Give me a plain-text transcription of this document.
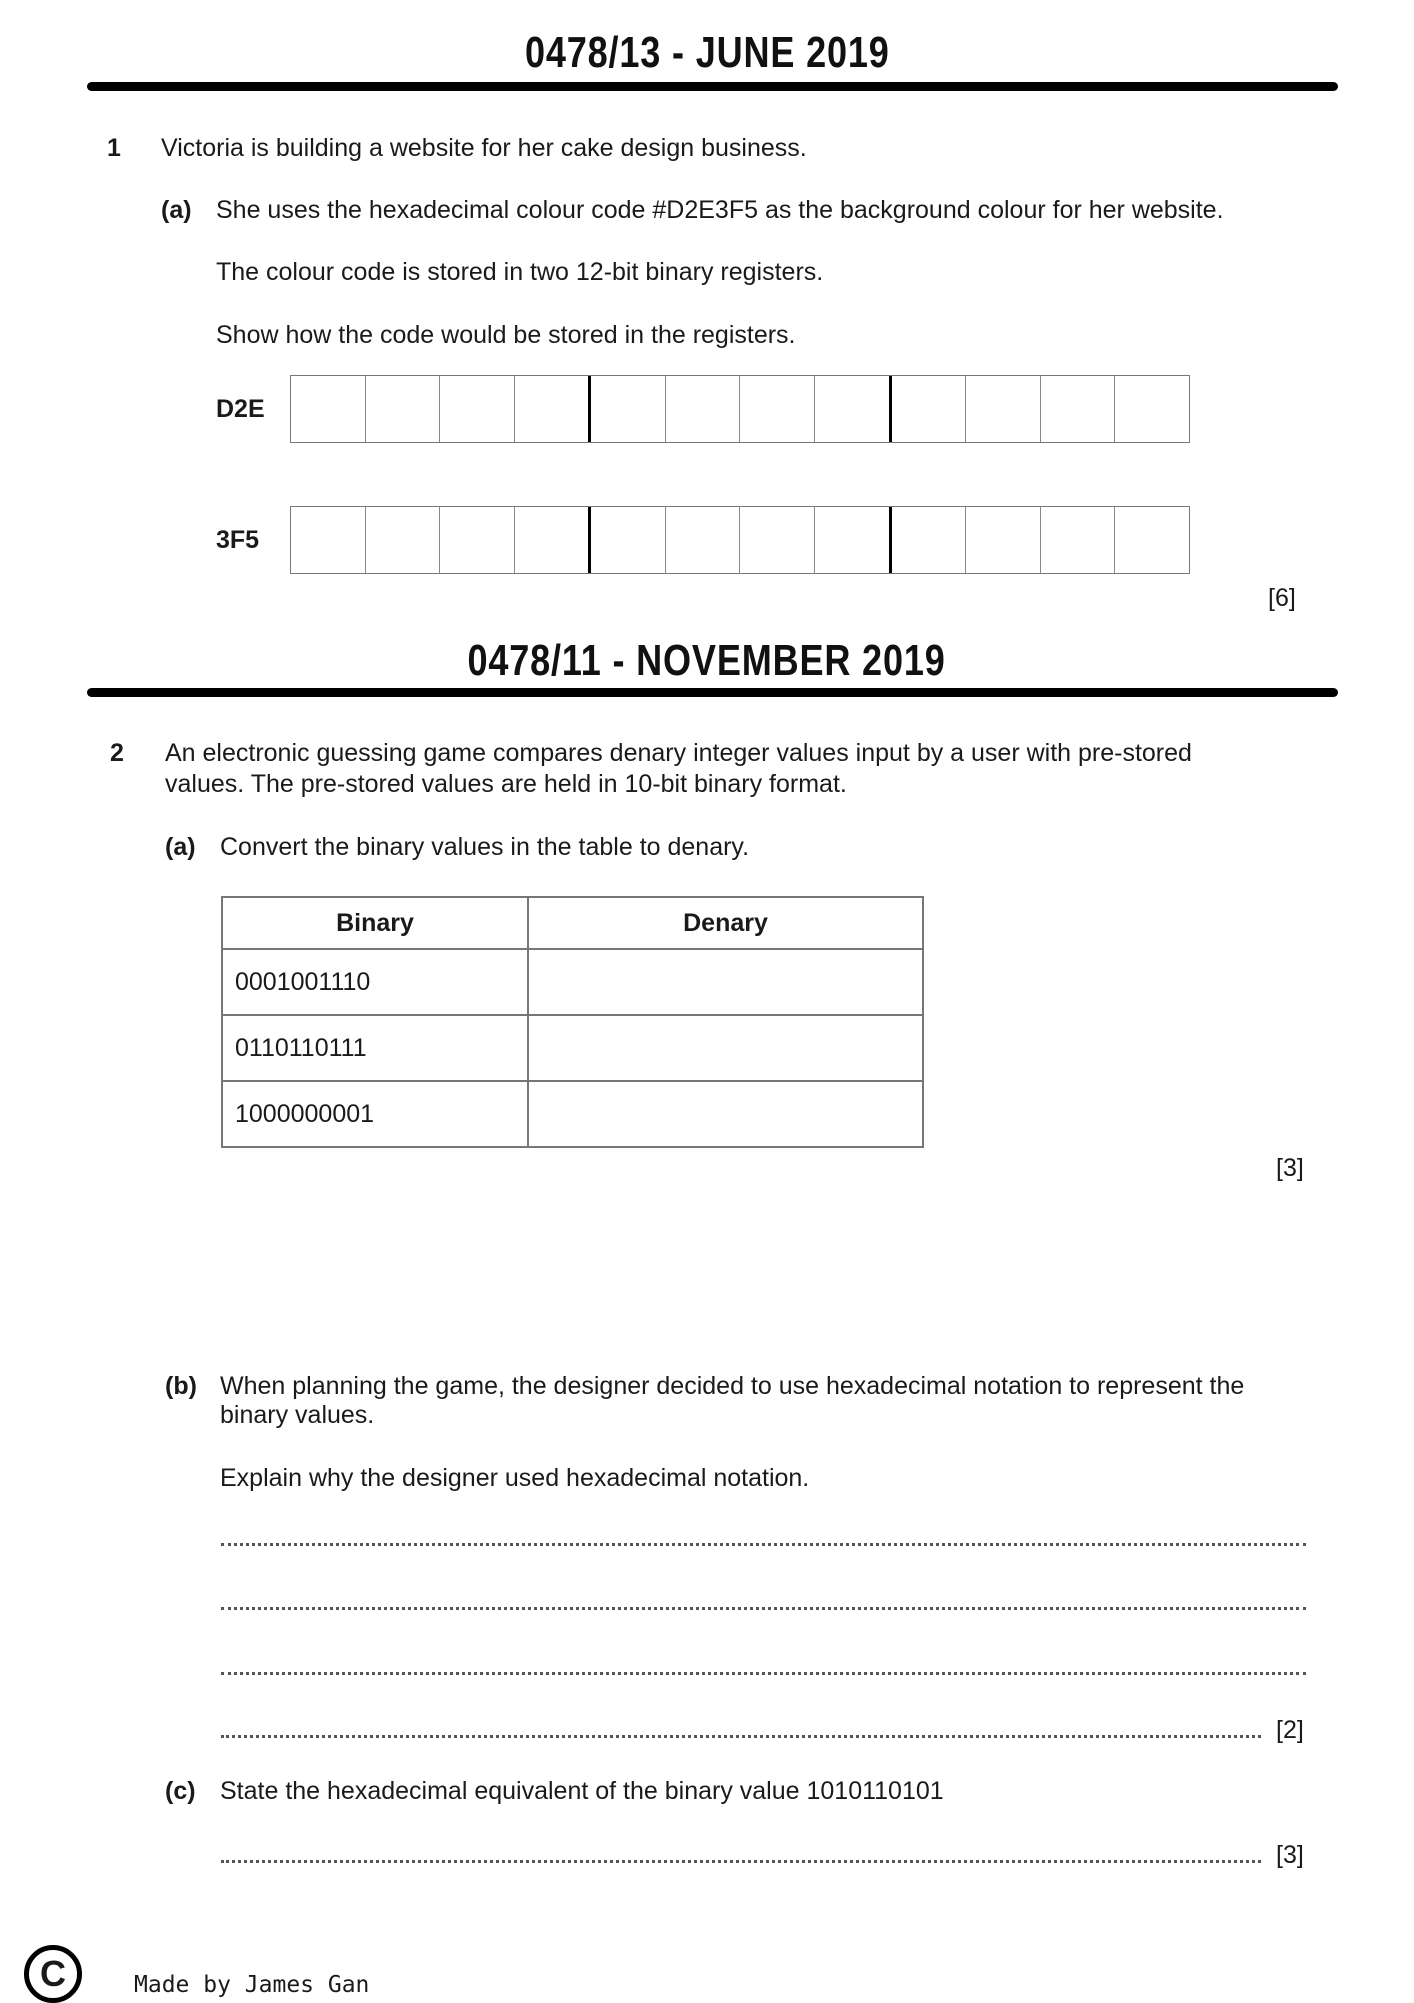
0478/13 - JUNE 2019
1 Victoria is building a website for her cake design business.
(a) She uses the hexadecimal colour code #D2E3F5 as the background colour for her website.
The colour code is stored in two 12-bit binary registers.
Show how the code would be stored in the registers.
D2E
3F5
[6]
0478/11 - NOVEMBER 2019
2 An electronic guessing game compares denary integer values input by a user with pre-stored
values. The pre-stored values are held in 10-bit binary format.
(a) Convert the binary values in the table to denary.
Binary	Denary
0001001110	
0110110111	
1000000001	
[3]
(b) When planning the game, the designer decided to use hexadecimal notation to represent the
binary values.
Explain why the designer used hexadecimal notation.
[2]
(c) State the hexadecimal equivalent of the binary value 1010110101
[3]
C	Made by James Gan
